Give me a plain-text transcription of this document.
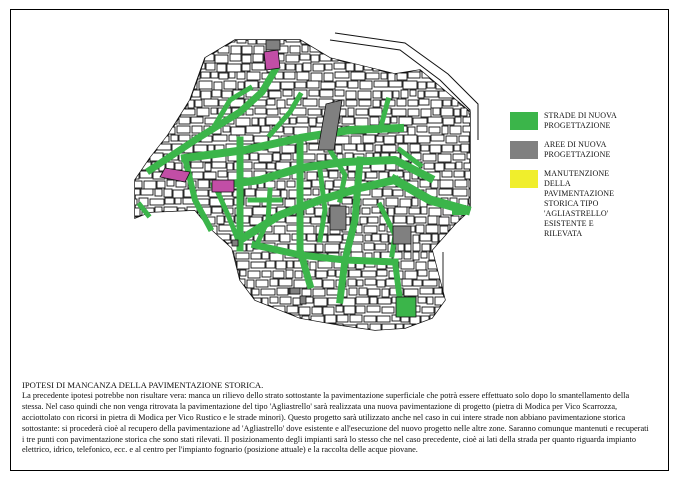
STRADE DI NUOVA PROGETTAZIONE
AREE DI NUOVA PROGETTAZIONE
MANUTENZIONE DELLA PAVIMENTAZIONE STORICA TIPO 'AGLIASTRELLO' ESISTENTE E RILEVATA
IPOTESI DI MANCANZA DELLA PAVIMENTAZIONE STORICA.
La precedente ipotesi potrebbe non risultare vera: manca un rilievo dello strato sottostante la pavimentazione superficiale che potrà essere effettuato solo dopo lo smantellamento della stessa. Nel caso quindi che non venga ritrovata la pavimentazione del tipo 'Agliastrello' sarà realizzata una nuova pavimentazione di progetto (pietra di Modica per Vico Scarrozza, acciottolato con ricorsi in pietra di Modica per Vico Rustico e le strade minori). Questo progetto sarà utilizzato anche nel caso in cui intere strade non abbiano pavimentazione storica sottostante: si procederà cioè al recupero della pavimentazione ad 'Agliastrello' dove esistente e all'esecuzione del nuovo progetto nelle altre zone. Saranno comunque mantenuti e recuperati i tre punti con pavimentazione storica che sono stati rilevati. Il posizionamento degli impianti sarà lo stesso che nel caso precedente, cioè ai lati della strada per quanto riguarda impianto elettrico, idrico, telefonico, ecc. e al centro per l'impianto fognario (posizione attuale) e la raccolta delle acque piovane.
